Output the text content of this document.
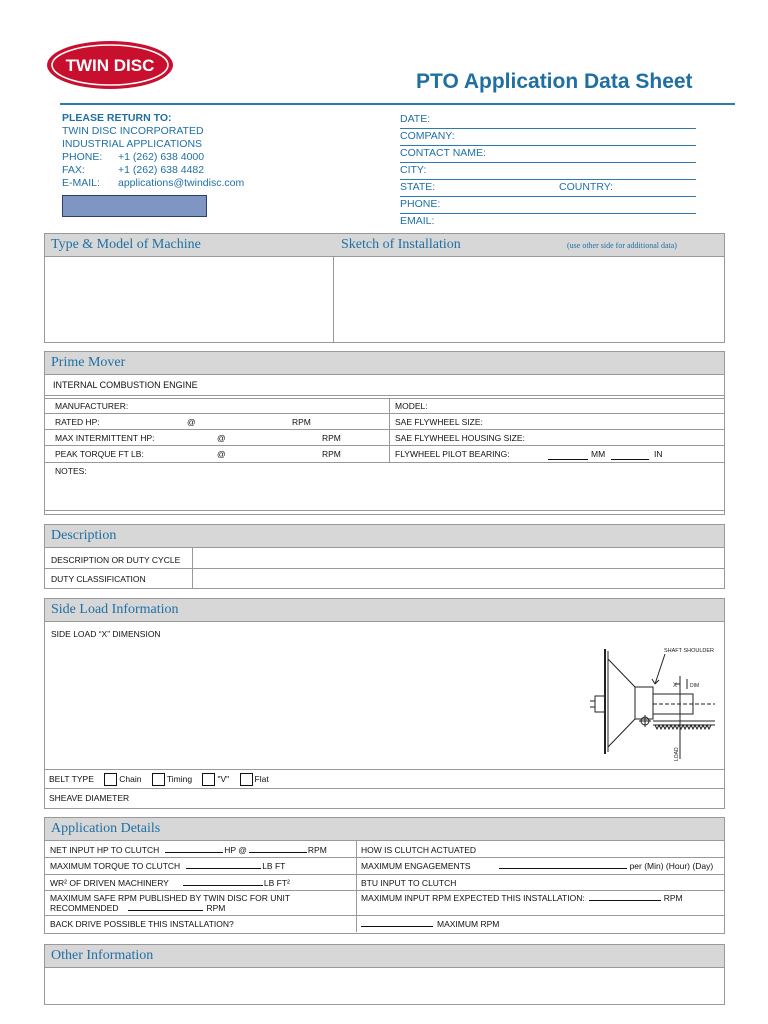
TWIN DISC
PTO Application Data Sheet
PLEASE RETURN TO:
TWIN DISC INCORPORATED
INDUSTRIAL APPLICATIONS
PHONE: +1 (262) 638 4000
FAX:	+1 (262) 638 4482
E-MAIL: applications@twindisc.com
DATE:
COMPANY:
CONTACT NAME:
CITY:
STATE:	COUNTRY:
PHONE:
EMAIL:
Type & Model of Machine	Sketch of Installation	(use other side for additional data)
Prime Mover
INTERNAL COMBUSTION ENGINE
MANUFACTURER:	MODEL:
RATED HP:	@	RPM	SAE FLYWHEEL SIZE:
MAX INTERMITTENT HP:	@	RPM	SAE FLYWHEEL HOUSING SIZE:
PEAK TORQUE FT LB:	@	RPM	FLYWHEEL PILOT BEARING:	MM	IN
NOTES:
Description
DESCRIPTION OR DUTY CYCLE
DUTY CLASSIFICATION
Side Load Information
SIDE LOAD “X” DIMENSION
SHAFT SHOULDER
X	DIM
LOAD
BELT TYPE	Chain	Timing	"V"	Flat
SHEAVE DIAMETER
Application Details
NET INPUT HP TO CLUTCH	HP @	RPM	HOW IS CLUTCH ACTUATED
MAXIMUM TORQUE TO CLUTCH	LB FT	MAXIMUM ENGAGEMENTS	per (Min) (Hour) (Day)
WR² OF DRIVEN MACHINERY	LB FT²	BTU INPUT TO CLUTCH
MAXIMUM SAFE RPM PUBLISHED BY TWIN DISC FOR UNIT
RECOMMENDED	RPM
MAXIMUM INPUT RPM EXPECTED THIS INSTALLATION:	RPM
BACK DRIVE POSSIBLE THIS INSTALLATION?	MAXIMUM RPM
Other Information
